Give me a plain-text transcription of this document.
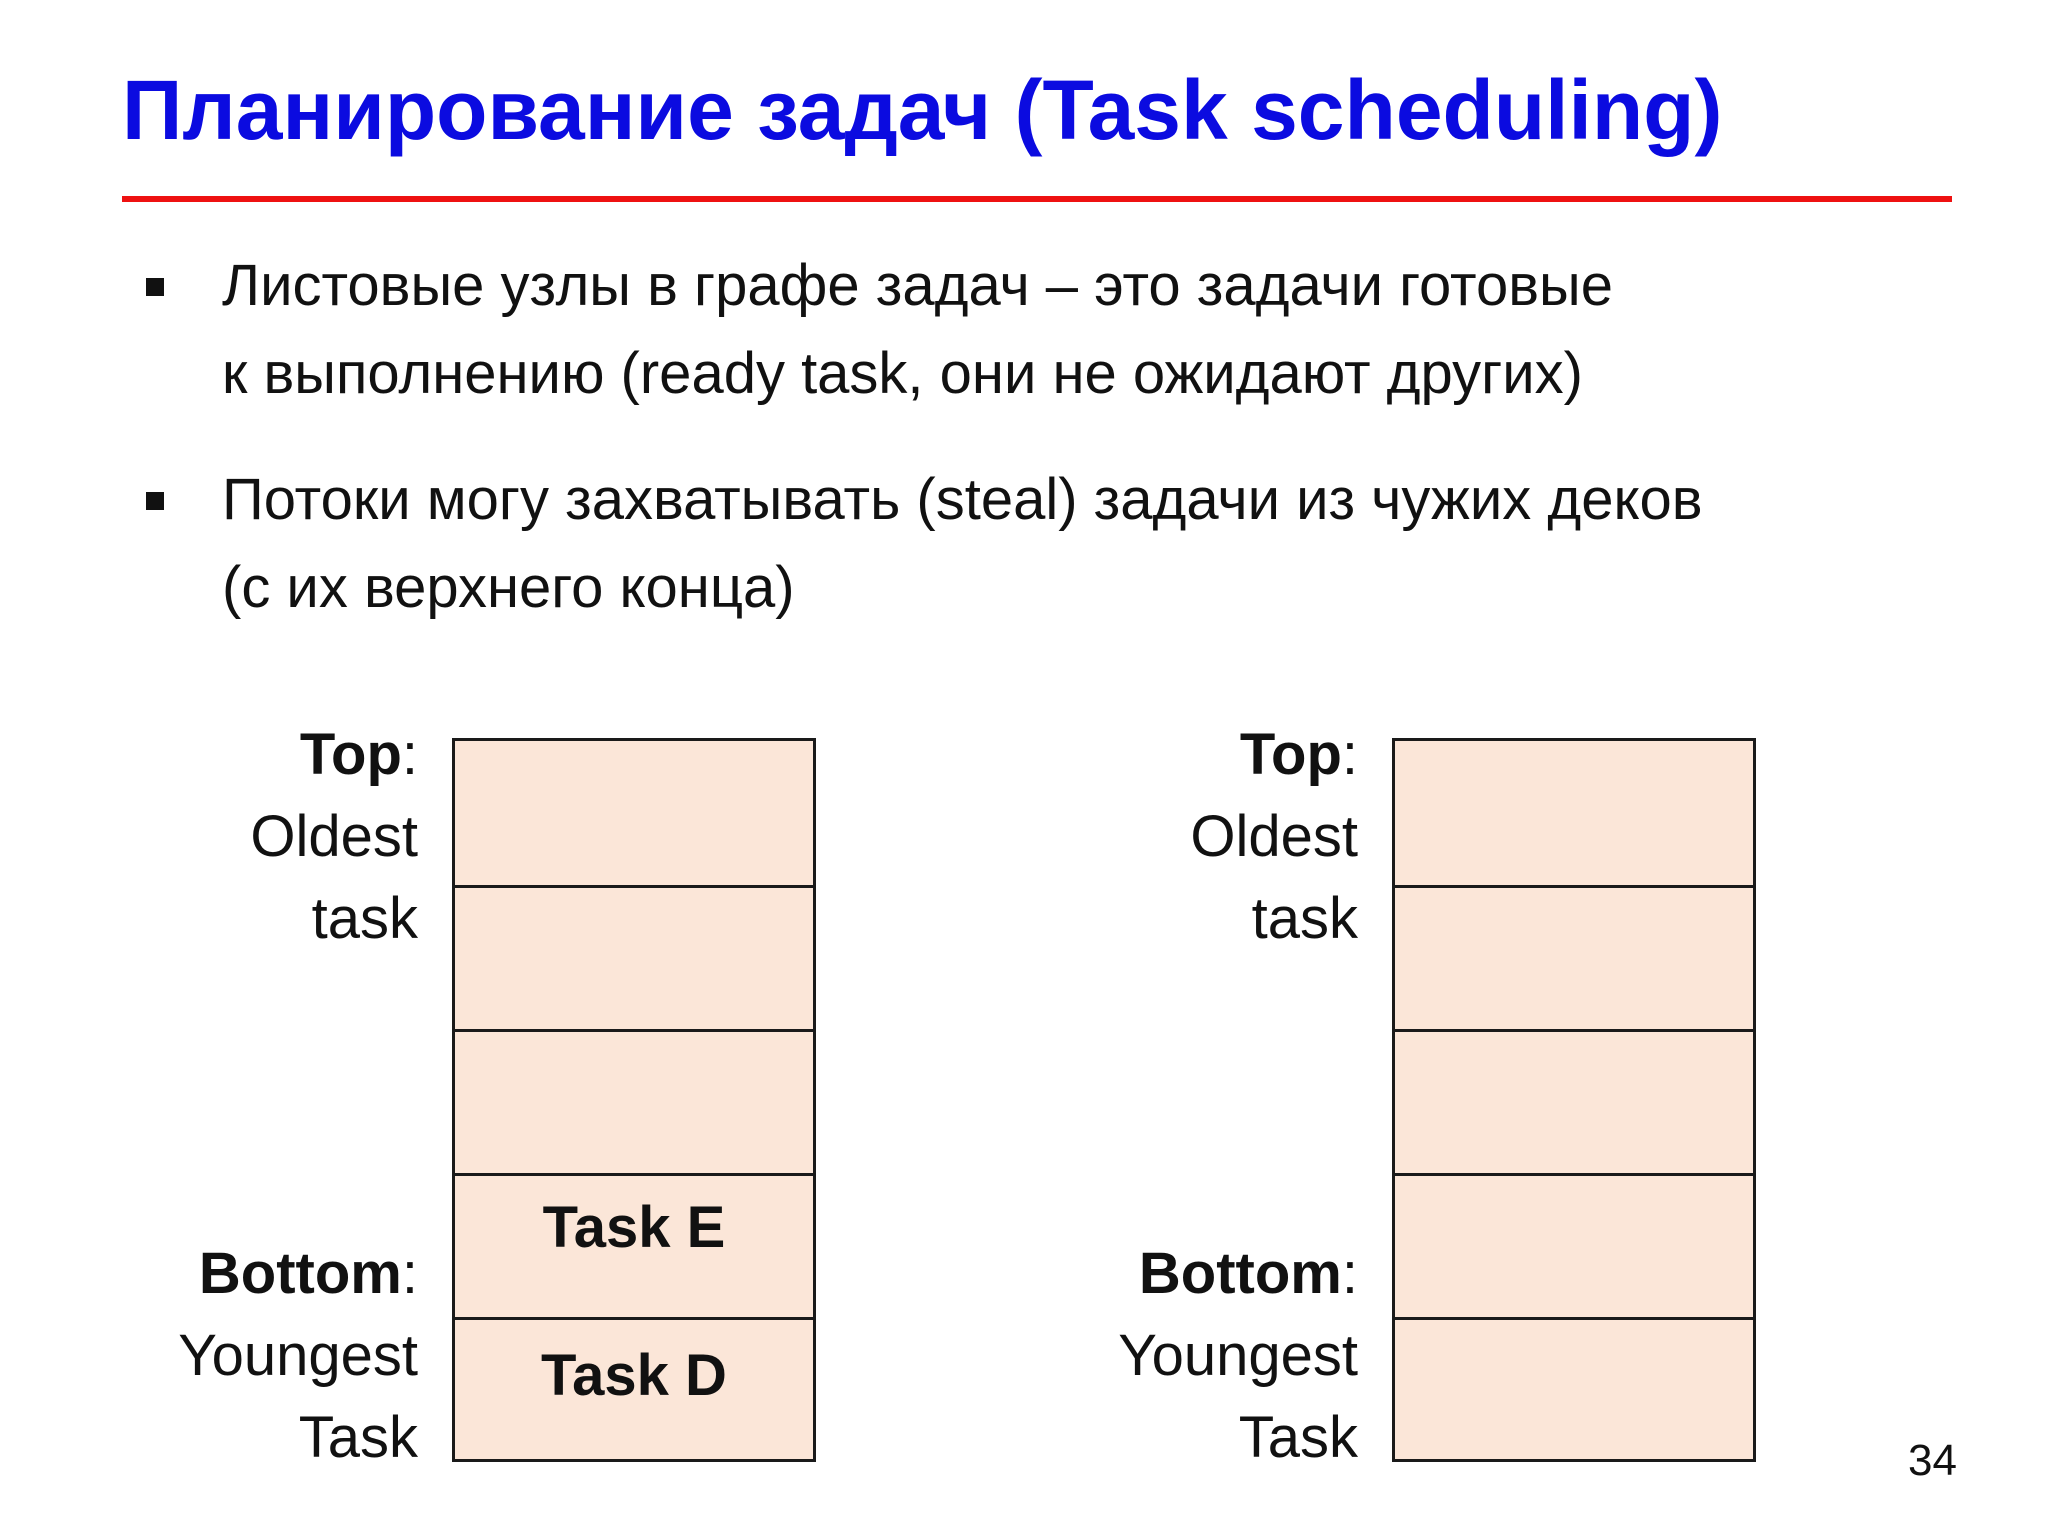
Планирование задач (Task scheduling)
Листовые узлы в графе задач – это задачи готовые
к выполнению (ready task, они не ожидают других)
Потоки могу захватывать (steal) задачи из чужих деков
(с их верхнего конца)
Top:
Oldest
task
Bottom:
Youngest
Task
Task E
Task D
Top:
Oldest
task
Bottom:
Youngest
Task	34
